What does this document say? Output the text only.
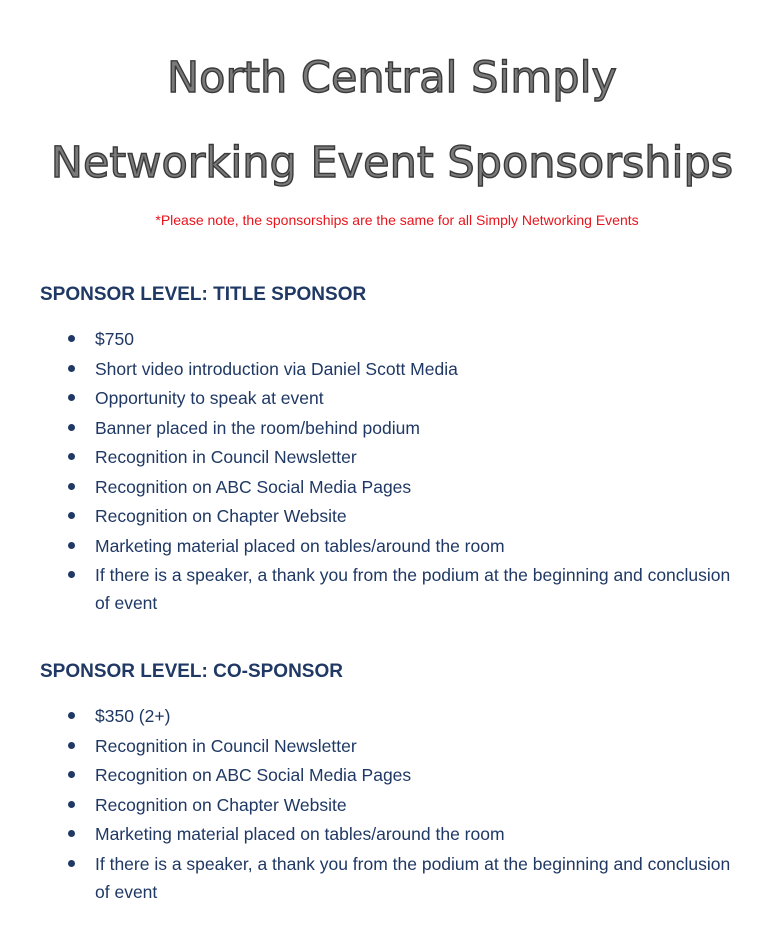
North Central Simply
Networking Event Sponsorships
*Please note, the sponsorships are the same for all Simply Networking Events
SPONSOR LEVEL: TITLE SPONSOR
$750
Short video introduction via Daniel Scott Media
Opportunity to speak at event
Banner placed in the room/behind podium
Recognition in Council Newsletter
Recognition on ABC Social Media Pages
Recognition on Chapter Website
Marketing material placed on tables/around the room
If there is a speaker, a thank you from the podium at the beginning and conclusion of event
SPONSOR LEVEL: CO-SPONSOR
$350 (2+)
Recognition in Council Newsletter
Recognition on ABC Social Media Pages
Recognition on Chapter Website
Marketing material placed on tables/around the room
If there is a speaker, a thank you from the podium at the beginning and conclusion of event
